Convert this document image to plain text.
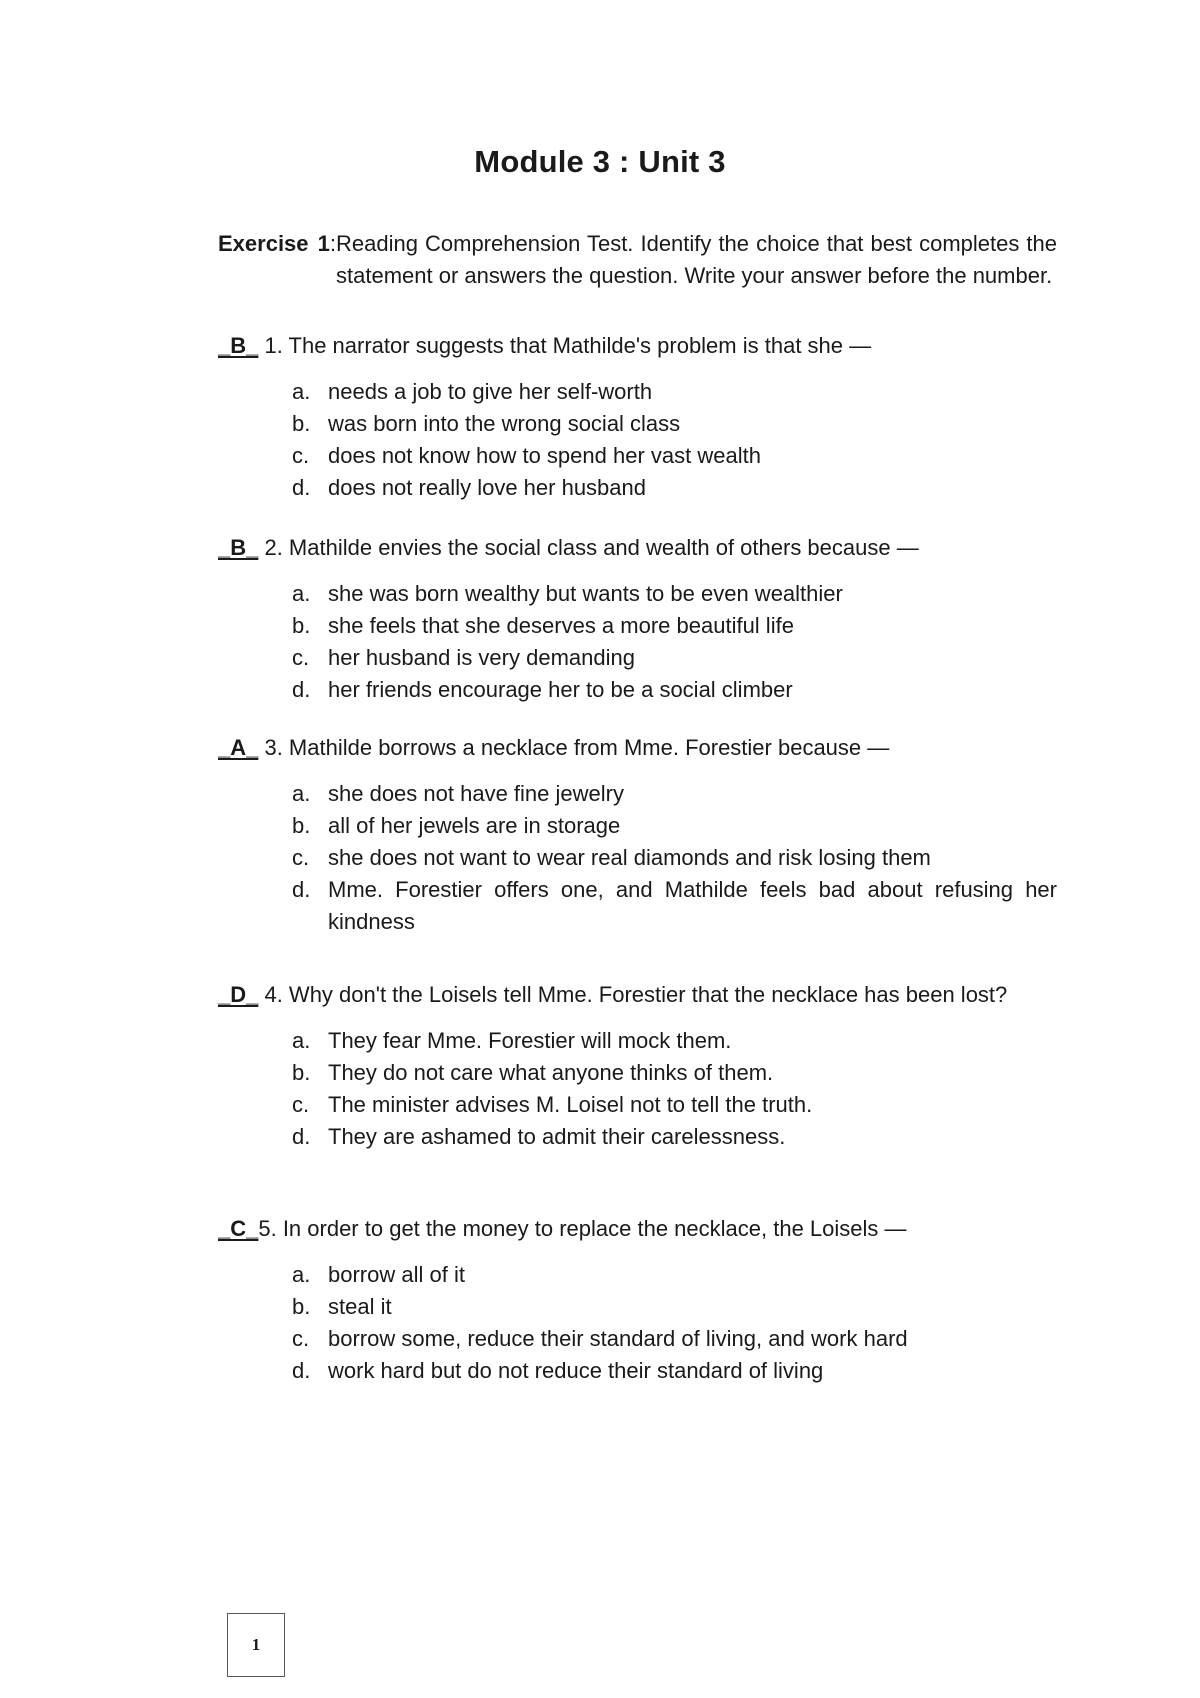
Module 3 : Unit 3
Exercise 1: Reading Comprehension Test. Identify the choice that best completes the statement or answers the question. Write your answer before the number.
_B_ 1. The narrator suggests that Mathilde's problem is that she —
a. needs a job to give her self-worth
b. was born into the wrong social class
c. does not know how to spend her vast wealth
d. does not really love her husband
_B_ 2. Mathilde envies the social class and wealth of others because —
a. she was born wealthy but wants to be even wealthier
b. she feels that she deserves a more beautiful life
c. her husband is very demanding
d. her friends encourage her to be a social climber
_A_ 3. Mathilde borrows a necklace from Mme. Forestier because —
a. she does not have fine jewelry
b. all of her jewels are in storage
c. she does not want to wear real diamonds and risk losing them
d. Mme. Forestier offers one, and Mathilde feels bad about refusing her kindness
_D_ 4. Why don't the Loisels tell Mme. Forestier that the necklace has been lost?
a. They fear Mme. Forestier will mock them.
b. They do not care what anyone thinks of them.
c. The minister advises M. Loisel not to tell the truth.
d. They are ashamed to admit their carelessness.
_C_5. In order to get the money to replace the necklace, the Loisels —
a. borrow all of it
b. steal it
c. borrow some, reduce their standard of living, and work hard
d. work hard but do not reduce their standard of living
1
